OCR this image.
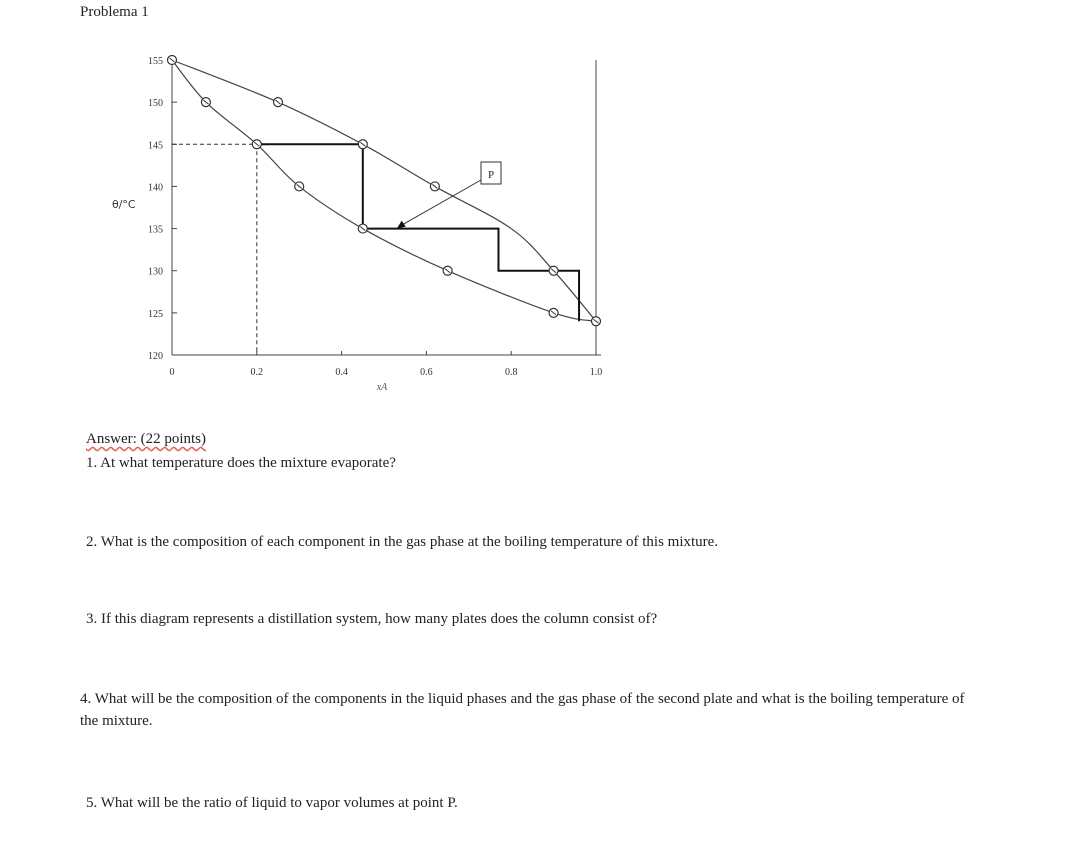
Problema 1
155
150
145
140
135
130
125
120
0	0.2	0.4	0.6	0.8	1.0
P
θ/°C
xA
Answer: (22 points)
1. At what temperature does the mixture evaporate?
2. What is the composition of each component in the gas phase at the boiling temperature of this mixture.
3. If this diagram represents a distillation system, how many plates does the column consist of?
4. What will be the composition of the components in the liquid phases and the gas phase of the second plate and what is the boiling temperature of the mixture.
5. What will be the ratio of liquid to vapor volumes at point P.
